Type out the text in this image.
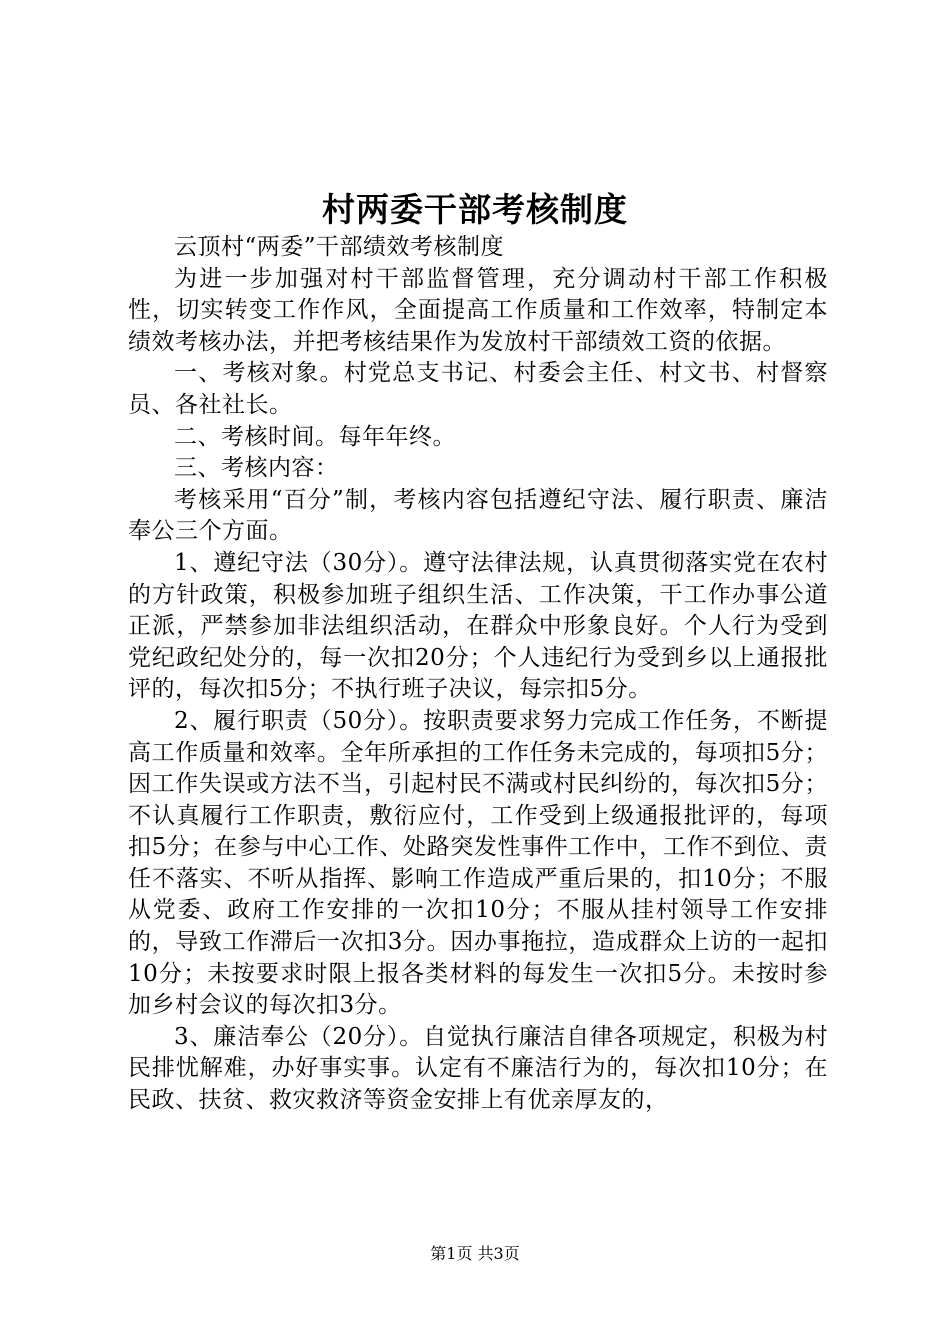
村两委干部考核制度

云顶村“两委”干部绩效考核制度

为进一步加强对村干部监督管理，充分调动村干部工作积极性，切实转变工作作风，全面提高工作质量和工作效率，特制定本绩效考核办法，并把考核结果作为发放村干部绩效工资的依据。

一、考核对象。村党总支书记、村委会主任、村文书、村督察员、各社社长。

二、考核时间。每年年终。

三、考核内容：

考核采用“百分”制，考核内容包括遵纪守法、履行职责、廉洁奉公三个方面。

1、遵纪守法（30分）。遵守法律法规，认真贯彻落实党在农村的方针政策，积极参加班子组织生活、工作决策，干工作办事公道正派，严禁参加非法组织活动，在群众中形象良好。个人行为受到党纪政纪处分的，每一次扣20分；个人违纪行为受到乡以上通报批评的，每次扣5分；不执行班子决议，每宗扣5分。

2、履行职责（50分）。按职责要求努力完成工作任务，不断提高工作质量和效率。全年所承担的工作任务未完成的，每项扣5分；因工作失误或方法不当，引起村民不满或村民纠纷的，每次扣5分；不认真履行工作职责，敷衍应付，工作受到上级通报批评的，每项扣5分；在参与中心工作、处路突发性事件工作中，工作不到位、责任不落实、不听从指挥、影响工作造成严重后果的，扣10分；不服从党委、政府工作安排的一次扣10分；不服从挂村领导工作安排的，导致工作滞后一次扣3分。因办事拖拉，造成群众上访的一起扣10分；未按要求时限上报各类材料的每发生一次扣5分。未按时参加乡村会议的每次扣3分。

3、廉洁奉公（20分）。自觉执行廉洁自律各项规定，积极为村民排忧解难，办好事实事。认定有不廉洁行为的，每次扣10分；在民政、扶贫、救灾救济等资金安排上有优亲厚友的，

第1页 共3页
